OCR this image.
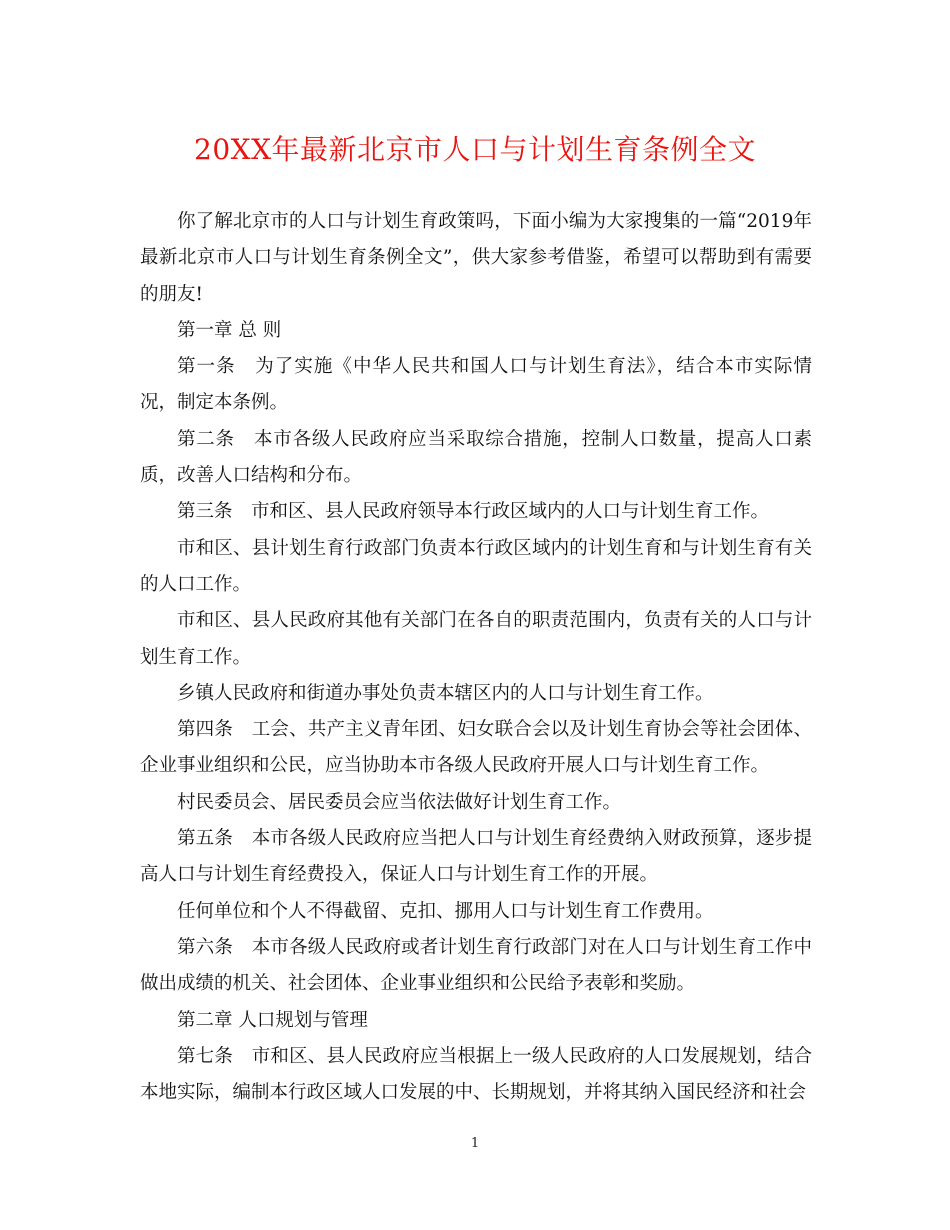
20XX年最新北京市人口与计划生育条例全文

你了解北京市的人口与计划生育政策吗，下面小编为大家搜集的一篇“2019年最新北京市人口与计划生育条例全文”，供大家参考借鉴，希望可以帮助到有需要的朋友!

第一章 总 则

第一条　为了实施《中华人民共和国人口与计划生育法》，结合本市实际情况，制定本条例。

第二条　本市各级人民政府应当采取综合措施，控制人口数量，提高人口素质，改善人口结构和分布。

第三条　市和区、县人民政府领导本行政区域内的人口与计划生育工作。

市和区、县计划生育行政部门负责本行政区域内的计划生育和与计划生育有关的人口工作。

市和区、县人民政府其他有关部门在各自的职责范围内，负责有关的人口与计划生育工作。

乡镇人民政府和街道办事处负责本辖区内的人口与计划生育工作。

第四条　工会、共产主义青年团、妇女联合会以及计划生育协会等社会团体、企业事业组织和公民，应当协助本市各级人民政府开展人口与计划生育工作。

村民委员会、居民委员会应当依法做好计划生育工作。

第五条　本市各级人民政府应当把人口与计划生育经费纳入财政预算，逐步提高人口与计划生育经费投入，保证人口与计划生育工作的开展。

任何单位和个人不得截留、克扣、挪用人口与计划生育工作费用。

第六条　本市各级人民政府或者计划生育行政部门对在人口与计划生育工作中做出成绩的机关、社会团体、企业事业组织和公民给予表彰和奖励。

第二章 人口规划与管理

第七条　市和区、县人民政府应当根据上一级人民政府的人口发展规划，结合本地实际，编制本行政区域人口发展的中、长期规划，并将其纳入国民经济和社会

1
